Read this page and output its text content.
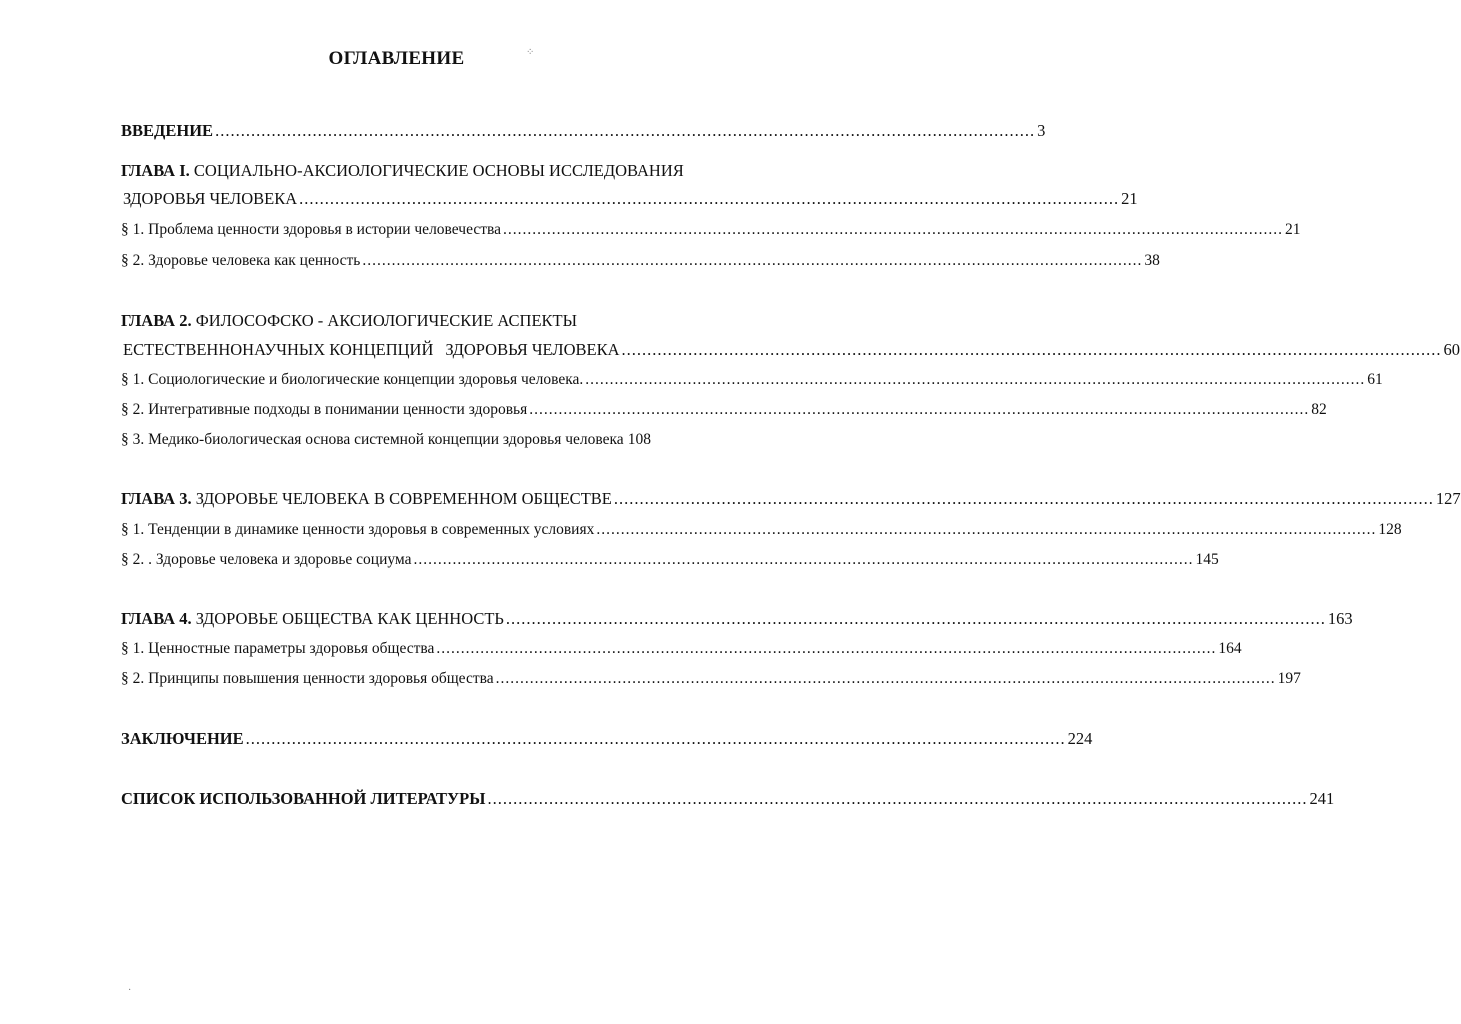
⁘
·
ОГЛАВЛЕНИЕ
ВВЕДЕНИЕ ................................................................................................................................................................ 3
ГЛАВА I. СОЦИАЛЬНО-АКСИОЛОГИЧЕСКИЕ ОСНОВЫ ИССЛЕДОВАНИЯ
ЗДОРОВЬЯ ЧЕЛОВЕКА ................................................................................................................................................................ 21
§ 1. Проблема ценности здоровья в истории человечества ................................................................................................................................................................ 21
§ 2. Здоровье человека как ценность ................................................................................................................................................................ 38
ГЛАВА 2. ФИЛОСОФСКО - АКСИОЛОГИЧЕСКИЕ АСПЕКТЫ
ЕСТЕСТВЕННОНАУЧНЫХ КОНЦЕПЦИЙ ЗДОРОВЬЯ ЧЕЛОВЕКА ................................................................................................................................................................ 60
§ 1. Социологические и биологические концепции здоровья человека. ................................................................................................................................................................ 61
§ 2. Интегративные подходы в понимании ценности здоровья ................................................................................................................................................................ 82
§ 3. Медико-биологическая основа системной концепции здоровья человека 108
ГЛАВА 3. ЗДОРОВЬЕ ЧЕЛОВЕКА В СОВРЕМЕННОМ ОБЩЕСТВЕ ................................................................................................................................................................ 127
§ 1. Тенденции в динамике ценности здоровья в современных условиях ................................................................................................................................................................ 128
§ 2. . Здоровье человека и здоровье социума ................................................................................................................................................................ 145
ГЛАВА 4. ЗДОРОВЬЕ ОБЩЕСТВА КАК ЦЕННОСТЬ ................................................................................................................................................................ 163
§ 1. Ценностные параметры здоровья общества ................................................................................................................................................................ 164
§ 2. Принципы повышения ценности здоровья общества ................................................................................................................................................................ 197
ЗАКЛЮЧЕНИЕ ................................................................................................................................................................ 224
СПИСОК ИСПОЛЬЗОВАННОЙ ЛИТЕРАТУРЫ ................................................................................................................................................................ 241
